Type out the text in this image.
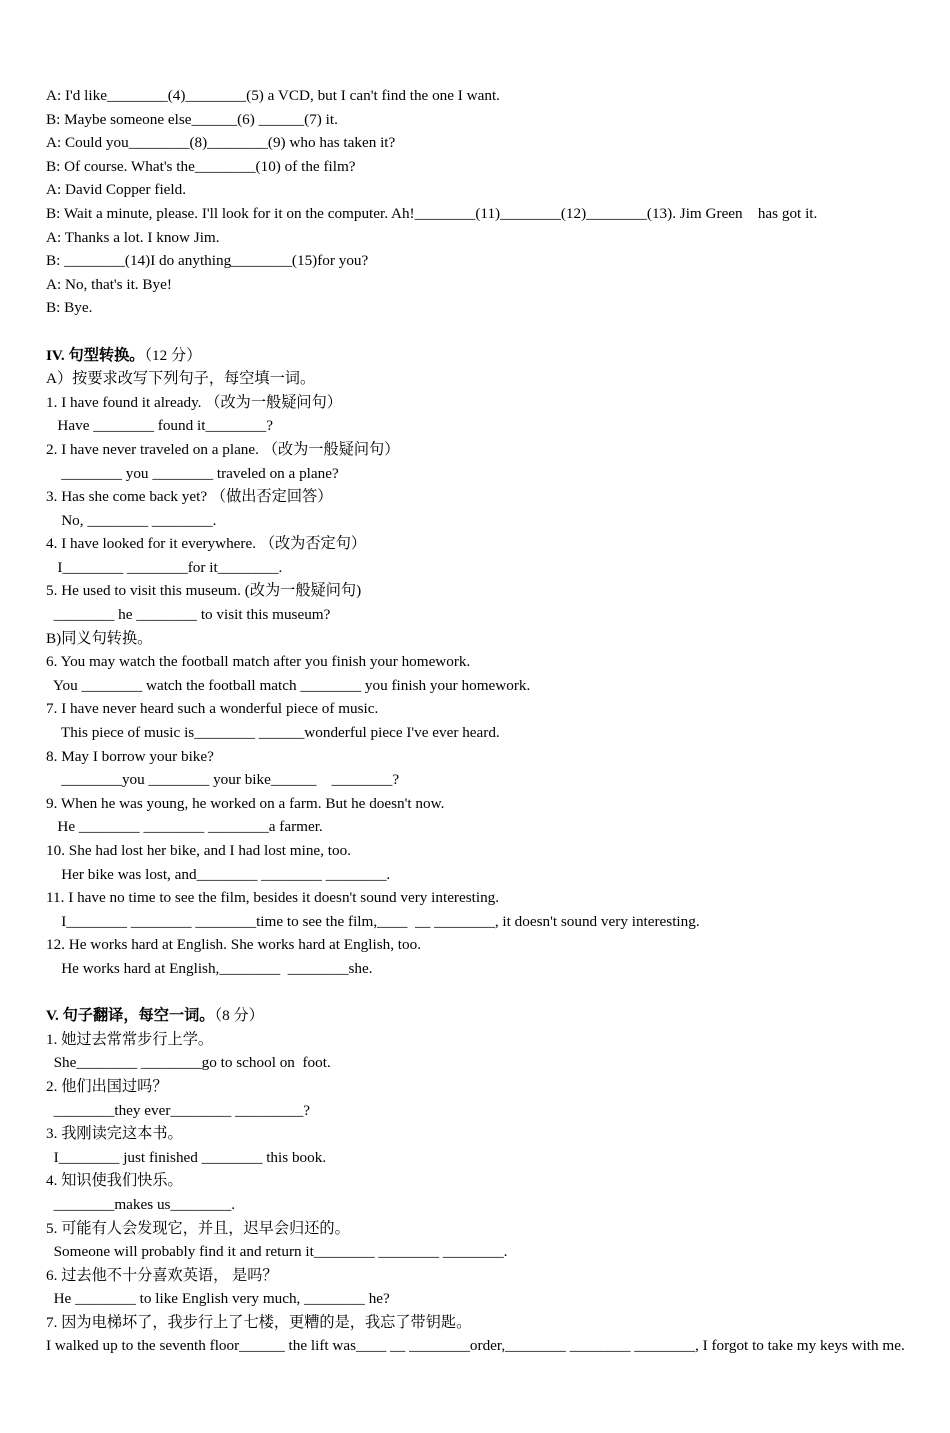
A: I'd like________(4)________(5) a VCD, but I can't find the one I want.
B: Maybe someone else______(6) ______(7) it.
A: Could you________(8)________(9) who has taken it?
B: Of course. What's the________(10) of the film?
A: David Copper field.
B: Wait a minute, please. I'll look for it on the computer. Ah!________(11)________(12)________(13). Jim Green    has got it.
A: Thanks a lot. I know Jim.
B: ________(14)I do anything________(15)for you?
A: No, that's it. Bye!
B: Bye.
IV. 句型转换。（12 分）
A）按要求改写下列句子，每空填一词。
1. I have found it already. （改为一般疑问句）
Have ________ found it________?
2. I have never traveled on a plane. （改为一般疑问句）
________ you ________ traveled on a plane?
3. Has she come back yet? （做出否定回答）
No, ________ ________.
4. I have looked for it everywhere. （改为否定句）
I________ ________for it________.
5. He used to visit this museum. (改为一般疑问句)
________ he ________ to visit this museum?
B)同义句转换。
6. You may watch the football match after you finish your homework.
You ________ watch the football match ________ you finish your homework.
7. I have never heard such a wonderful piece of music.
This piece of music is________ ______wonderful piece I've ever heard.
8. May I borrow your bike?
________you ________ your bike______    ________?
9. When he was young, he worked on a farm. But he doesn't now.
He ________ ________ ________a farmer.
10. She had lost her bike, and I had lost mine, too.
Her bike was lost, and________ ________ ________.
11. I have no time to see the film, besides it doesn't sound very interesting.
I________ ________ ________time to see the film,____  __ ________, it doesn't sound very interesting.
12. He works hard at English. She works hard at English, too.
He works hard at English,________  ________she.
V. 句子翻译，每空一词。（8 分）
1. 她过去常常步行上学。
She________ ________go to school on  foot.
2. 他们出国过吗？
________they ever________ _________?
3. 我刚读完这本书。
I________ just finished ________ this book.
4. 知识使我们快乐。
________makes us________.
5. 可能有人会发现它，并且，迟早会归还的。
Someone will probably find it and return it________ ________ ________.
6. 过去他不十分喜欢英语， 是吗？
He ________ to like English very much, ________ he?
7. 因为电梯坏了，我步行上了七楼，更糟的是，我忘了带钥匙。
I walked up to the seventh floor______ the lift was____ __ ________order,________ ________ ________, I forgot to take my keys with me.
